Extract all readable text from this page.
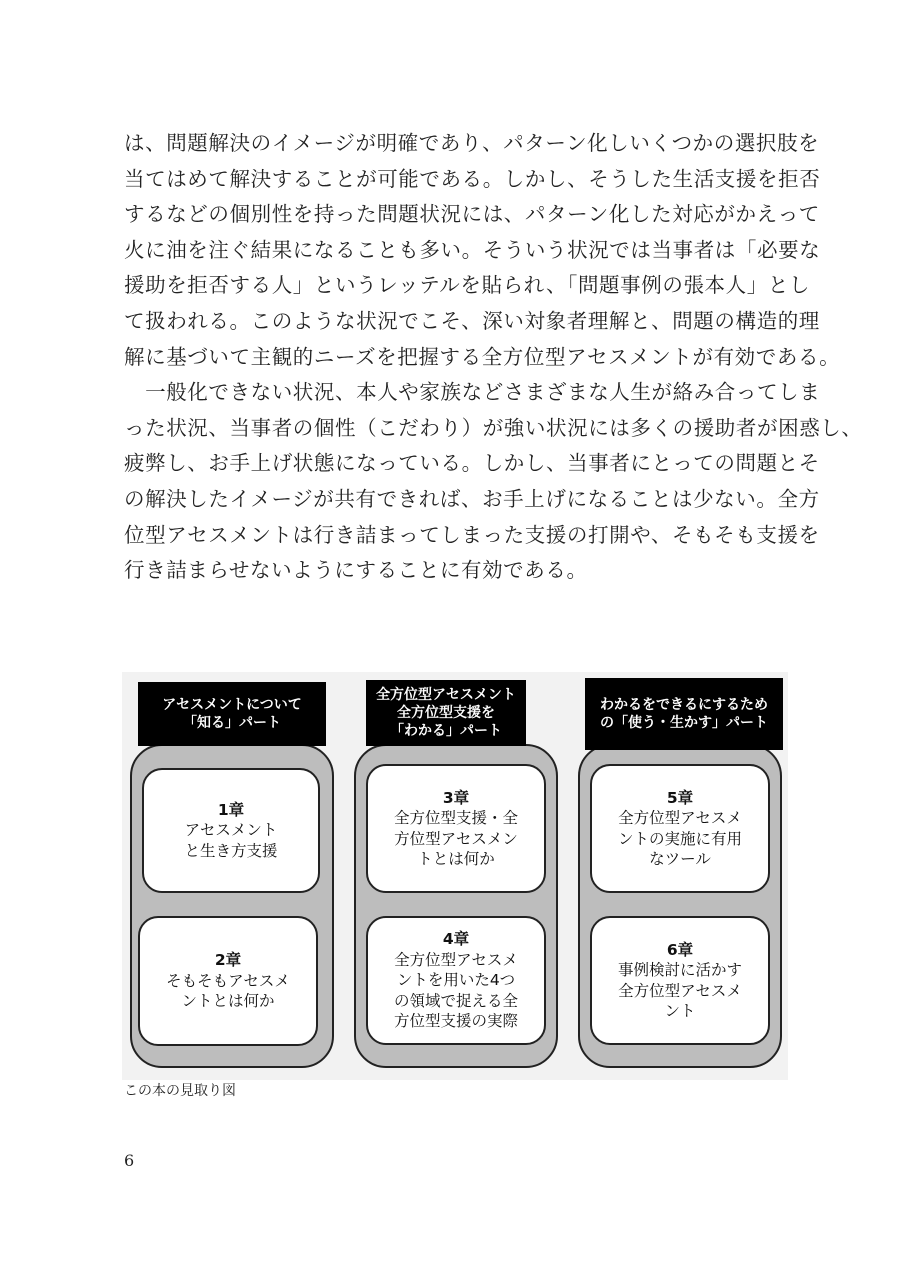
は、問題解決のイメージが明確であり、パターン化しいくつかの選択肢を
当てはめて解決することが可能である。しかし、そうした生活支援を拒否
するなどの個別性を持った問題状況には、パターン化した対応がかえって
火に油を注ぐ結果になることも多い。そういう状況では当事者は「必要な
援助を拒否する人」というレッテルを貼られ、「問題事例の張本人」とし
て扱われる。このような状況でこそ、深い対象者理解と、問題の構造的理
解に基づいて主観的ニーズを把握する全方位型アセスメントが有効である。
　一般化できない状況、本人や家族などさまざまな人生が絡み合ってしま
った状況、当事者の個性（こだわり）が強い状況には多くの援助者が困惑し、
疲弊し、お手上げ状態になっている。しかし、当事者にとっての問題とそ
の解決したイメージが共有できれば、お手上げになることは少ない。全方
位型アセスメントは行き詰まってしまった支援の打開や、そもそも支援を
行き詰まらせないようにすることに有効である。
アセスメントについて
「知る」パート
1章
アセスメント
と生き方支援
2章
そもそもアセスメ
ントとは何か
全方位型アセスメント
全方位型支援を
「わかる」パート
3章
全方位型支援・全
方位型アセスメン
トとは何か
4章
全方位型アセスメ
ントを用いた4つ
の領域で捉える全
方位型支援の実際
わかるをできるにするため
の「使う・生かす」パート
5章
全方位型アセスメ
ントの実施に有用
なツール
6章
事例検討に活かす
全方位型アセスメ
ント
この本の見取り図
6
